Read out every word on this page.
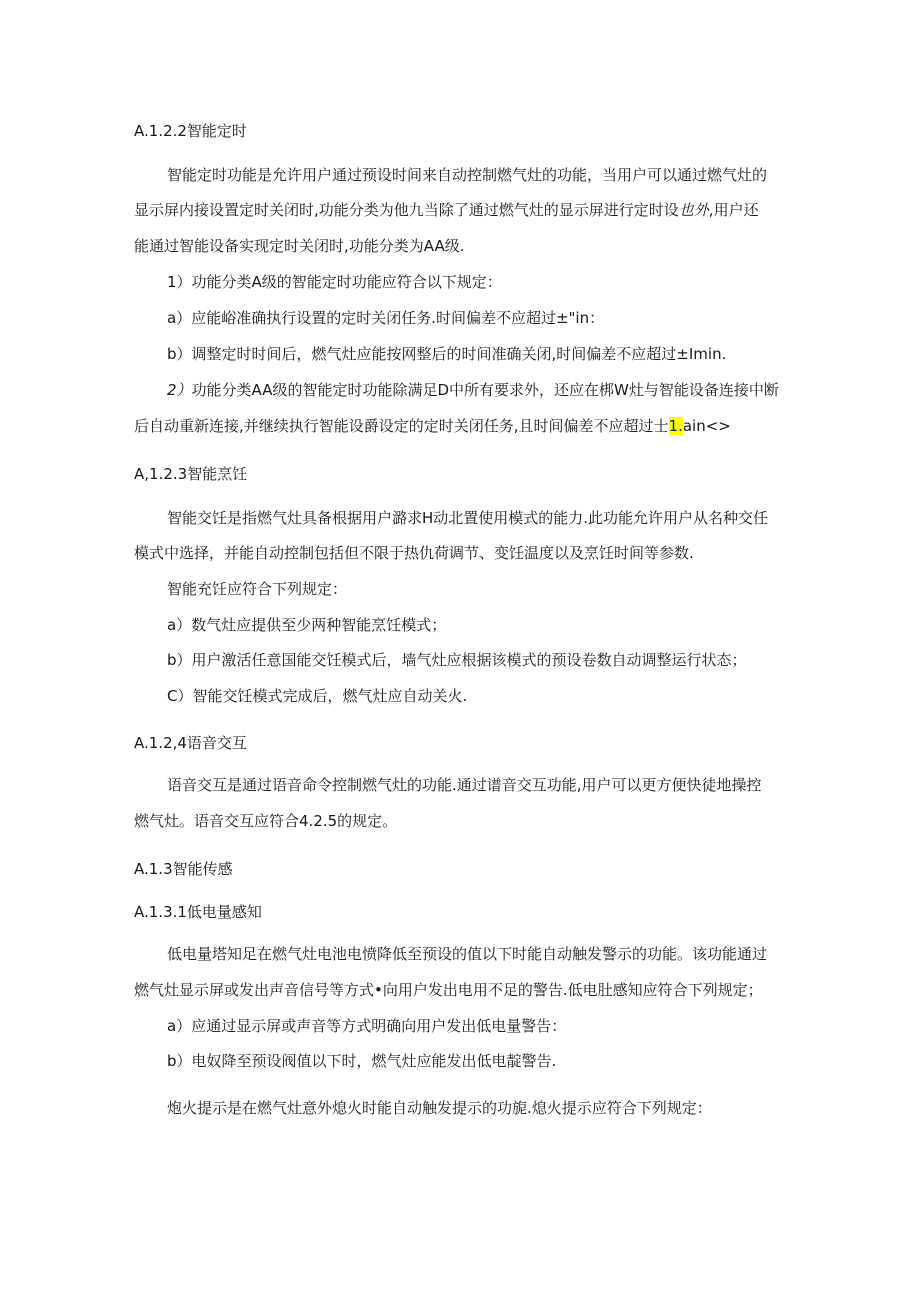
A.1.2.2智能定时

智能定时功能是允许用户通过预设时间来自动控制燃气灶的功能，当用户可以通过燃气灶的

显示屏内接设置定时关闭时,功能分类为他九当除了通过燃气灶的显示屏进行定时设也外,用户还

能通过智能设备实现定时关闭时,功能分类为AA级.

1）功能分类A级的智能定时功能应符合以下规定：

a）应能峪准确执行设置的定时关闭任务.时间偏差不应超过±"in：

b）调整定时时间后，燃气灶应能按网整后的时间准确关闭,时间偏差不应超过±Imin.

2）功能分类AA级的智能定时功能除满足D中所有要求外，还应在梆W灶与智能设备连接中断

后自动重新连接,并继续执行智能设爵设定的定时关闭任务,且时间偏差不应超过士1.ain<>

A,1.2.3智能烹饪

智能交饪是指燃气灶具备根据用户潞求H动北置使用模式的能力.此功能允许用户从名种交任

模式中选择，并能自动控制包括但不限于热仇荷调节、变饪温度以及烹饪时间等参数.

智能充饪应符合下列规定：

a）数气灶应提供至少两种智能烹饪模式；

b）用户激活任意国能交饪模式后，墙气灶应根据该模式的预设卷数自动调整运行状态；

C）智能交饪模式完成后，燃气灶应自动关火.

A.1.2,4语音交互

语音交互是通过语音命令控制燃气灶的功能.通过谱音交互功能,用户可以更方便快徒地操控

燃气灶。语音交互应符合4.2.5的规定。

A.1.3智能传感

A.1.3.1低电量感知

低电量塔知足在燃气灶电池电愤降低至预设的值以下时能自动触发警示的功能。该功能通过

燃气灶显示屏或发出声音信号等方式•向用户发出电用不足的警告.低电肚感知应符合下列规定；

a）应通过显示屏或声音等方式明确向用户发出低电量警告：

b）电奴降至预设阀值以下时，燃气灶应能发出低电靛警告.

炮火提示是在燃气灶意外熄火时能自动触发提示的功旎.熄火提示应符合下列规定：
